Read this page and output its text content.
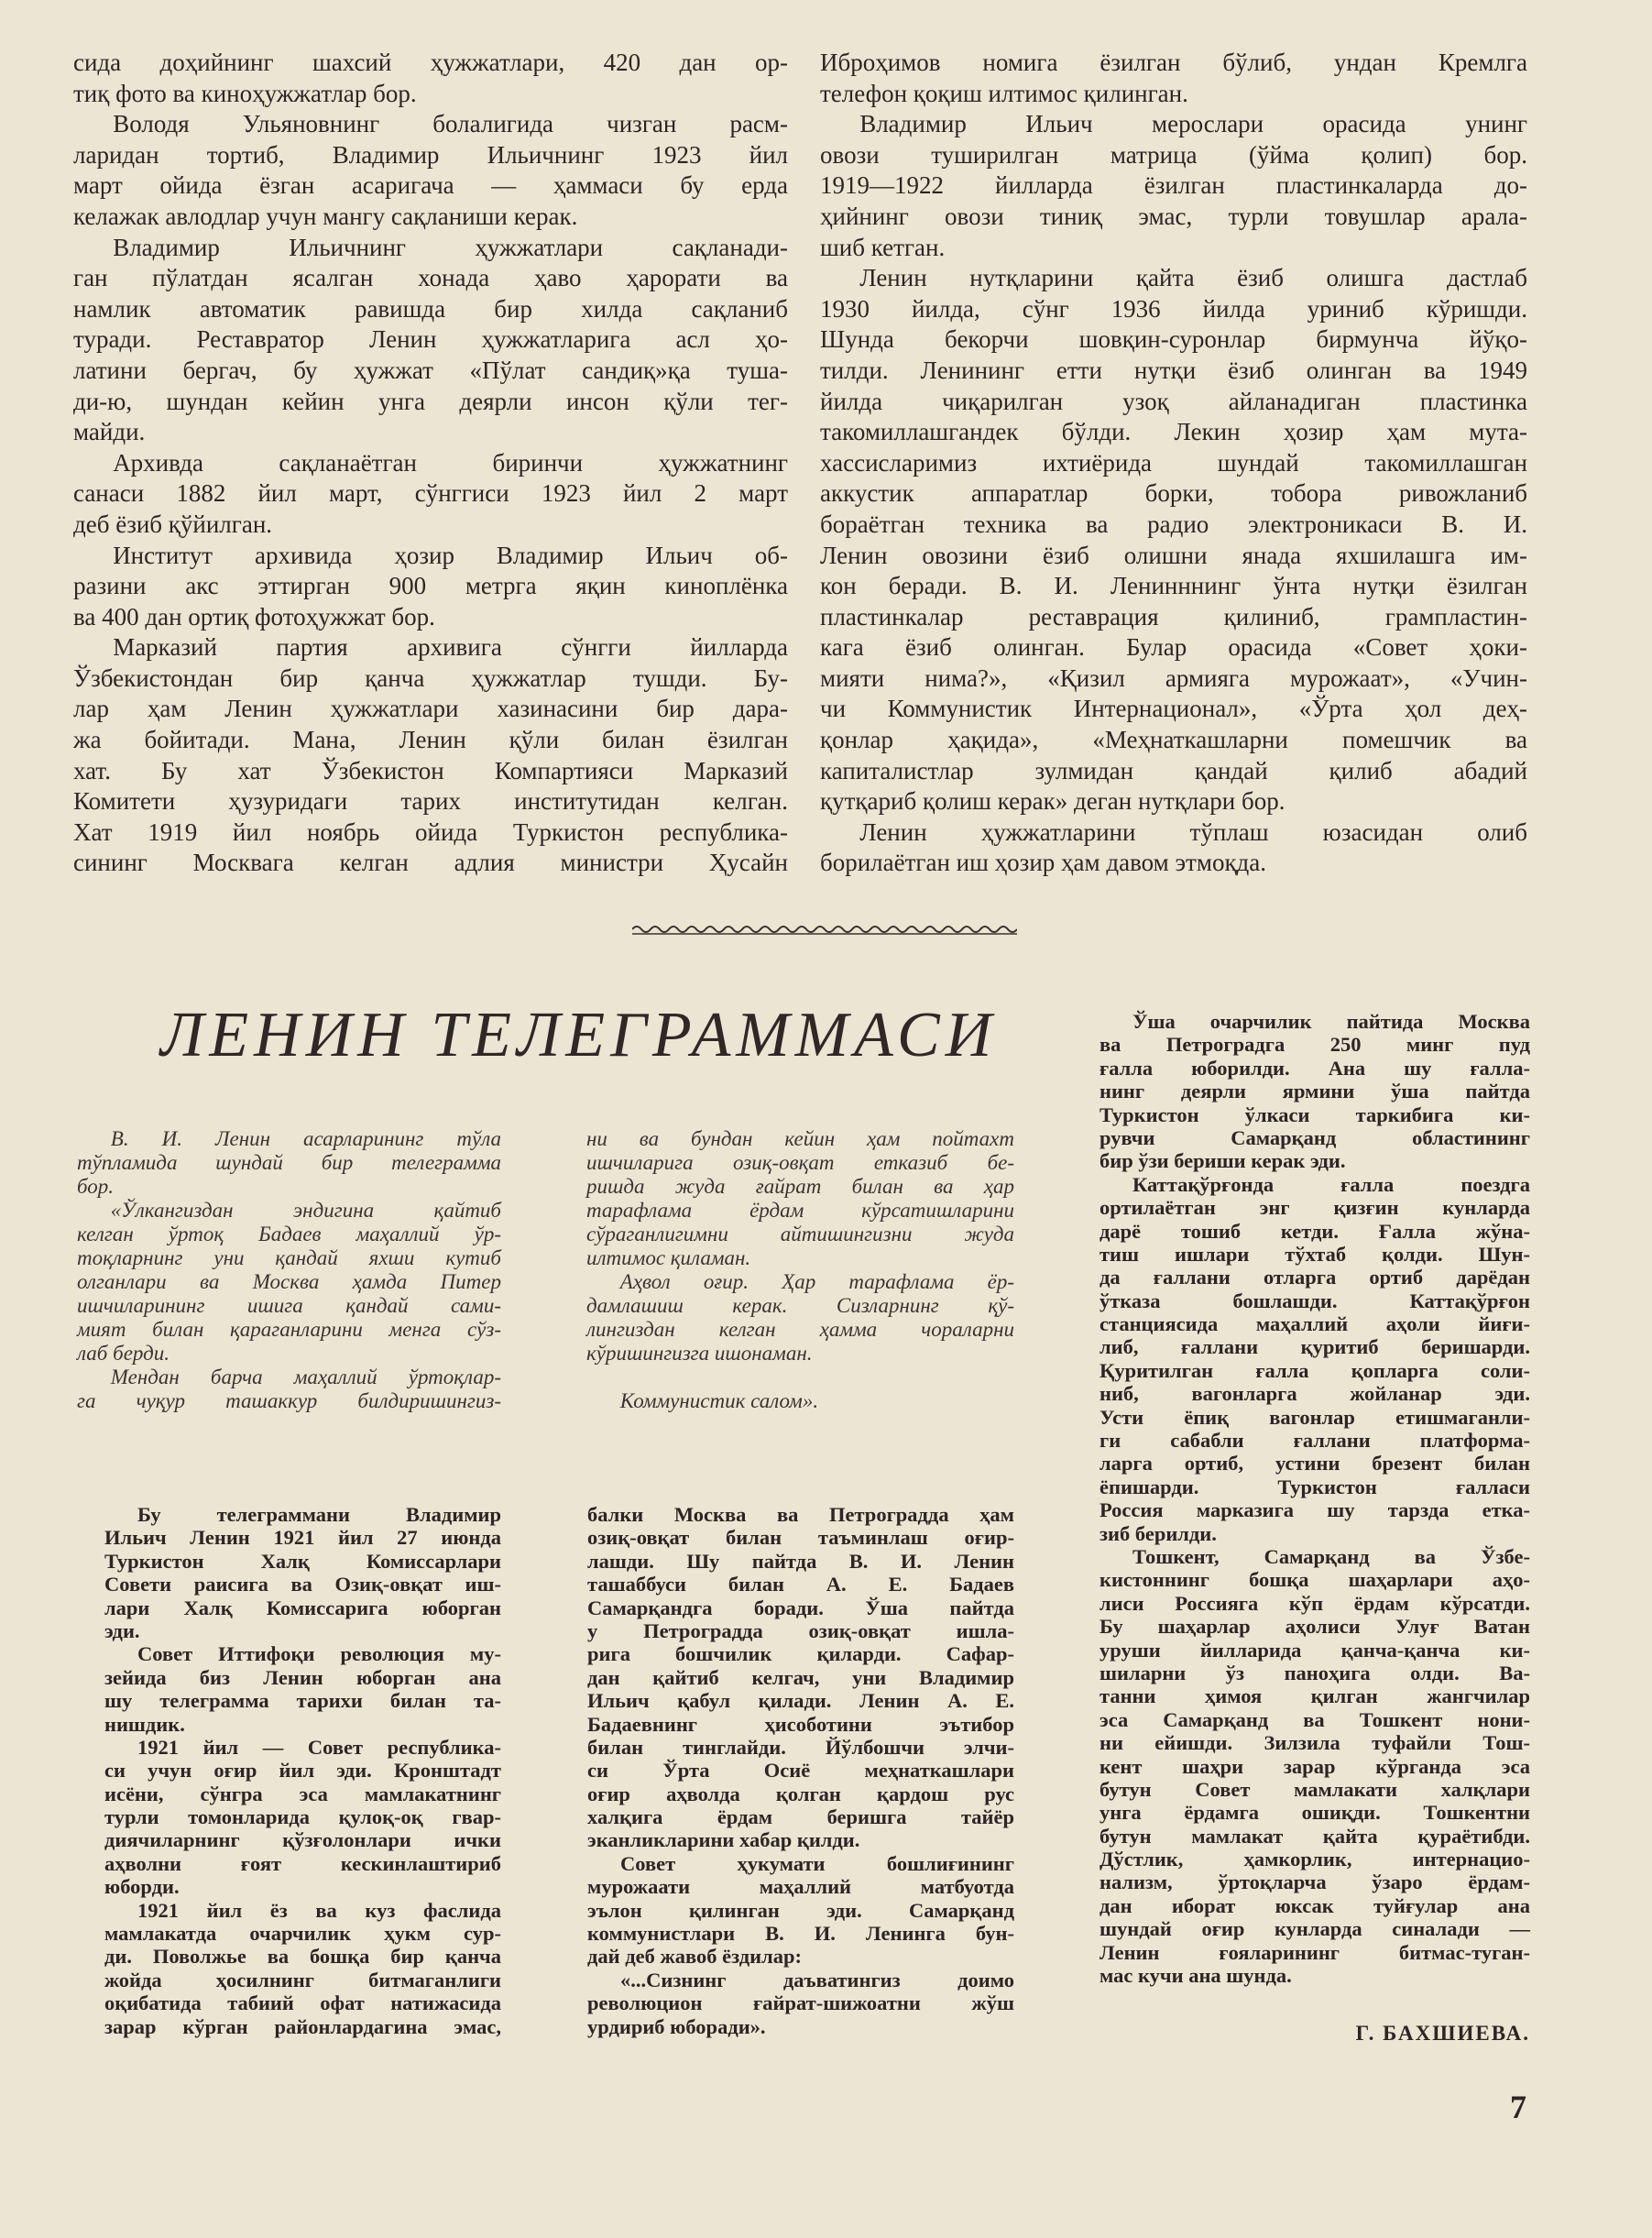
сида доҳийнинг шахсий ҳужжатлари, 420 дан ор-
тиқ фото ва киноҳужжатлар бор.
Володя Ульяновнинг болалигида чизган расм-
ларидан тортиб, Владимир Ильичнинг 1923 йил
март ойида ёзган асаригача — ҳаммаси бу ерда
келажак авлодлар учун мангу сақланиши керак.
Владимир Ильичнинг ҳужжатлари сақланади-
ган пўлатдан ясалган хонада ҳаво ҳарорати ва
намлик автоматик равишда бир хилда сақланиб
туради. Реставратор Ленин ҳужжатларига асл ҳо-
латини бергач, бу ҳужжат «Пўлат сандиқ»қа туша-
ди-ю, шундан кейин унга деярли инсон қўли тег-
майди.
Архивда сақланаётган биринчи ҳужжатнинг
санаси 1882 йил март, сўнггиси 1923 йил 2 март
деб ёзиб қўйилган.
Институт архивида ҳозир Владимир Ильич об-
разини акс эттирган 900 метрга яқин киноплёнка
ва 400 дан ортиқ фотоҳужжат бор.
Марказий партия архивига сўнгги йилларда
Ўзбекистондан бир қанча ҳужжатлар тушди. Бу-
лар ҳам Ленин ҳужжатлари хазинасини бир дара-
жа бойитади. Мана, Ленин қўли билан ёзилган
хат. Бу хат Ўзбекистон Компартияси Марказий
Комитети ҳузуридаги тарих институтидан келган.
Хат 1919 йил ноябрь ойида Туркистон республика-
сининг Москвага келган адлия министри Ҳусайн
Иброҳимов номига ёзилган бўлиб, ундан Кремлга
телефон қоқиш илтимос қилинган.
Владимир Ильич мерослари орасида унинг
овози туширилган матрица (ўйма қолип) бор.
1919—1922 йилларда ёзилган пластинкаларда до-
ҳийнинг овози тиниқ эмас, турли товушлар арала-
шиб кетган.
Ленин нутқларини қайта ёзиб олишга дастлаб
1930 йилда, сўнг 1936 йилда уриниб кўришди.
Шунда бекорчи шовқин-суронлар бирмунча йўқо-
тилди. Ленининг етти нутқи ёзиб олинган ва 1949
йилда чиқарилган узоқ айланадиган пластинка
такомиллашгандек бўлди. Лекин ҳозир ҳам мута-
хассисларимиз ихтиёрида шундай такомиллашган
аккустик аппаратлар борки, тобора ривожланиб
бораётган техника ва радио электроникаси В. И.
Ленин овозини ёзиб олишни янада яхшилашга им-
кон беради. В. И. Ленинннинг ўнта нутқи ёзилган
пластинкалар реставрация қилиниб, грампластин-
кага ёзиб олинган. Булар орасида «Совет ҳоки-
мияти нима?», «Қизил армияга мурожаат», «Учин-
чи Коммунистик Интернационал», «Ўрта ҳол деҳ-
қонлар ҳақида», «Меҳнаткашларни помешчик ва
капиталистлар зулмидан қандай қилиб абадий
қутқариб қолиш керак» деган нутқлари бор.
Ленин ҳужжатларини тўплаш юзасидан олиб
борилаётган иш ҳозир ҳам давом этмоқда.
ЛЕНИН ТЕЛЕГРАММАСИ
В. И. Ленин асарларининг тўла
тўпламида шундай бир телеграмма
бор.
«Ўлкангиздан эндигина қайтиб
келган ўртоқ Бадаев маҳаллий ўр-
тоқларнинг уни қандай яхши кутиб
олганлари ва Москва ҳамда Питер
ишчиларининг ишига қандай сами-
мият билан қараганларини менга сўз-
лаб берди.
Мендан барча маҳаллий ўртоқлар-
га чуқур ташаккур билдиришингиз-
ни ва бундан кейин ҳам пойтахт
ишчиларига озиқ-овқат етказиб бе-
ришда жуда ғайрат билан ва ҳар
тарафлама ёрдам кўрсатишларини
сўраганлигимни айтишингизни жуда
илтимос қиламан.
Аҳвол оғир. Ҳар тарафлама ёр-
дамлашиш керак. Сизларнинг қў-
лингиздан келган ҳамма чораларни
кўришингизга ишонаман.
Коммунистик салом».
Бу телеграммани Владимир
Ильич Ленин 1921 йил 27 июнда
Туркистон Халқ Комиссарлари
Совети раисига ва Озиқ-овқат иш-
лари Халқ Комиссарига юборган
эди.
Совет Иттифоқи революция му-
зейида биз Ленин юборган ана
шу телеграмма тарихи билан та-
нишдик.
1921 йил — Совет республика-
си учун оғир йил эди. Кронштадт
исёни, сўнгра эса мамлакатнинг
турли томонларида қулоқ-оқ гвар-
диячиларнинг қўзғолонлари ички
аҳволни ғоят кескинлаштириб
юборди.
1921 йил ёз ва куз фаслида
мамлакатда очарчилик ҳукм сур-
ди. Поволжье ва бошқа бир қанча
жойда ҳосилнинг битмаганлиги
оқибатида табиий офат натижасида
зарар кўрган районлардагина эмас,
балки Москва ва Петроградда ҳам
озиқ-овқат билан таъминлаш оғир-
лашди. Шу пайтда В. И. Ленин
ташаббуси билан А. Е. Бадаев
Самарқандга боради. Ўша пайтда
у Петроградда озиқ-овқат ишла-
рига бошчилик қиларди. Сафар-
дан қайтиб келгач, уни Владимир
Ильич қабул қилади. Ленин А. Е.
Бадаевнинг ҳисоботини эътибор
билан тинглайди. Йўлбошчи элчи-
си Ўрта Осиё меҳнаткашлари
оғир аҳволда қолган қардош рус
халқига ёрдам беришга тайёр
эканликларини хабар қилди.
Совет ҳукумати бошлиғининг
мурожаати маҳаллий матбуотда
эълон қилинган эди. Самарқанд
коммунистлари В. И. Ленинга бун-
дай деб жавоб ёздилар:
«...Сизнинг даъватингиз доимо
революцион ғайрат-шижоатни жўш
урдириб юборади».
Ўша очарчилик пайтида Москва
ва Петроградга 250 минг пуд
ғалла юборилди. Ана шу ғалла-
нинг деярли ярмини ўша пайтда
Туркистон ўлкаси таркибига ки-
рувчи Самарқанд областининг
бир ўзи бериши керак эди.
Каттақўрғонда ғалла поездга
ортилаётган энг қизғин кунларда
дарё тошиб кетди. Ғалла жўна-
тиш ишлари тўхтаб қолди. Шун-
да ғаллани отларга ортиб дарёдан
ўтказа бошлашди. Каттақўрғон
станциясида маҳаллий аҳоли йиғи-
либ, ғаллани қуритиб беришарди.
Қуритилган ғалла қопларга соли-
ниб, вагонларга жойланар эди.
Усти ёпиқ вагонлар етишмаганли-
ги сабабли ғаллани платформа-
ларга ортиб, устини брезент билан
ёпишарди. Туркистон ғалласи
Россия марказига шу тарзда етка-
зиб берилди.
Тошкент, Самарқанд ва Ўзбе-
кистоннинг бошқа шаҳарлари аҳо-
лиси Россияга кўп ёрдам кўрсатди.
Бу шаҳарлар аҳолиси Улуғ Ватан
уруши йилларида қанча-қанча ки-
шиларни ўз паноҳига олди. Ва-
танни ҳимоя қилган жангчилар
эса Самарқанд ва Тошкент нони-
ни ейишди. Зилзила туфайли Тош-
кент шаҳри зарар кўрганда эса
бутун Совет мамлакати халқлари
унга ёрдамга ошиқди. Тошкентни
бутун мамлакат қайта қураётибди.
Дўстлик, ҳамкорлик, интернацио-
нализм, ўртоқларча ўзаро ёрдам-
дан иборат юксак туйғулар ана
шундай оғир кунларда синалади —
Ленин ғояларининг битмас-туган-
мас кучи ана шунда.
Г. БАХШИЕВА.
7
